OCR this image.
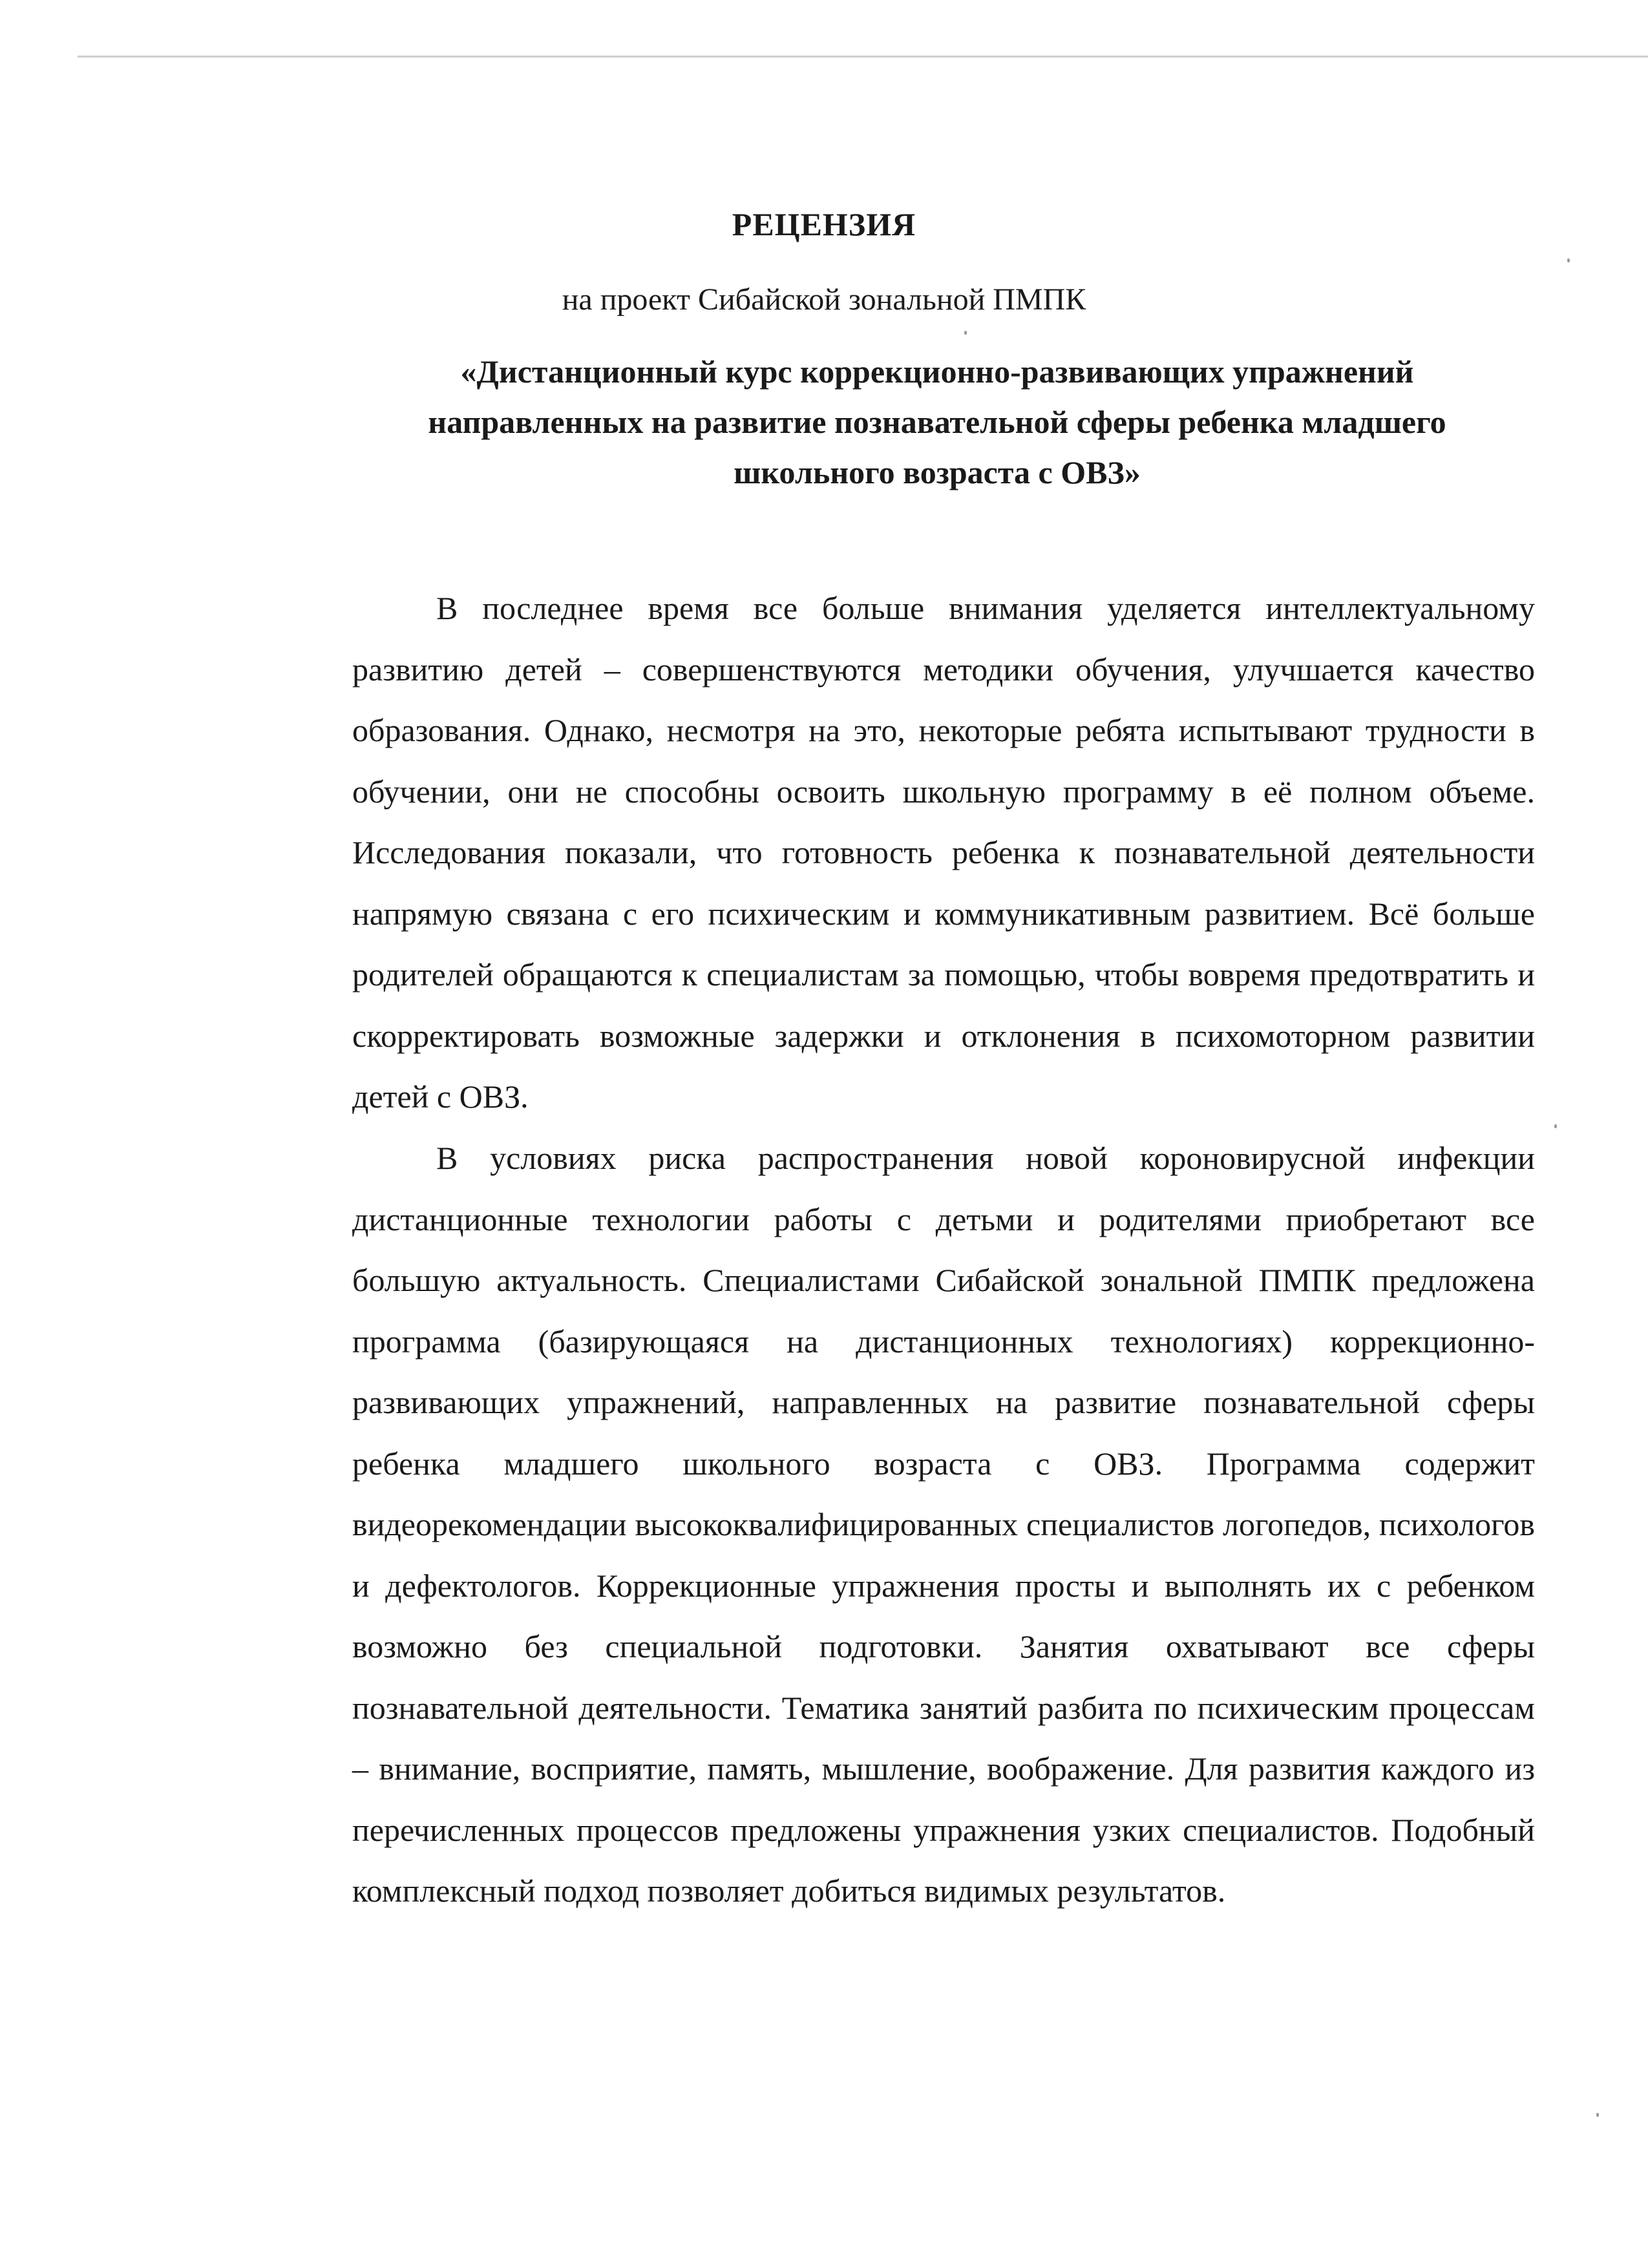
РЕЦЕНЗИЯ
на проект Сибайской зональной ПМПК
«Дистанционный курс коррекционно-развивающих упражнений направленных на развитие познавательной сферы ребенка младшего школьного возраста с ОВЗ»

В последнее время все больше внимания уделяется интеллектуальному развитию детей – совершенствуются методики обучения, улучшается качество образования. Однако, несмотря на это, некоторые ребята испытывают трудности в обучении, они не способны освоить школьную программу в её полном объеме. Исследования показали, что готовность ребенка к познавательной деятельности напрямую связана с его психическим и коммуникативным развитием. Всё больше родителей обращаются к специалистам за помощью, чтобы вовремя предотвратить и скорректировать возможные задержки и отклонения в психомоторном развитии детей с ОВЗ.

В условиях риска распространения новой короновирусной инфекции дистанционные технологии работы с детьми и родителями приобретают все большую актуальность. Специалистами Сибайской зональной ПМПК предложена программа (базирующаяся на дистанционных технологиях) коррекционно-развивающих упражнений, направленных на развитие познавательной сферы ребенка младшего школьного возраста с ОВЗ. Программа содержит видеорекомендации высококвалифицированных специалистов логопедов, психологов и дефектологов. Коррекционные упражнения просты и выполнять их с ребенком возможно без специальной подготовки. Занятия охватывают все сферы познавательной деятельности. Тематика занятий разбита по психическим процессам – внимание, восприятие, память, мышление, воображение. Для развития каждого из перечисленных процессов предложены упражнения узких специалистов. Подобный комплексный подход позволяет добиться видимых результатов.
